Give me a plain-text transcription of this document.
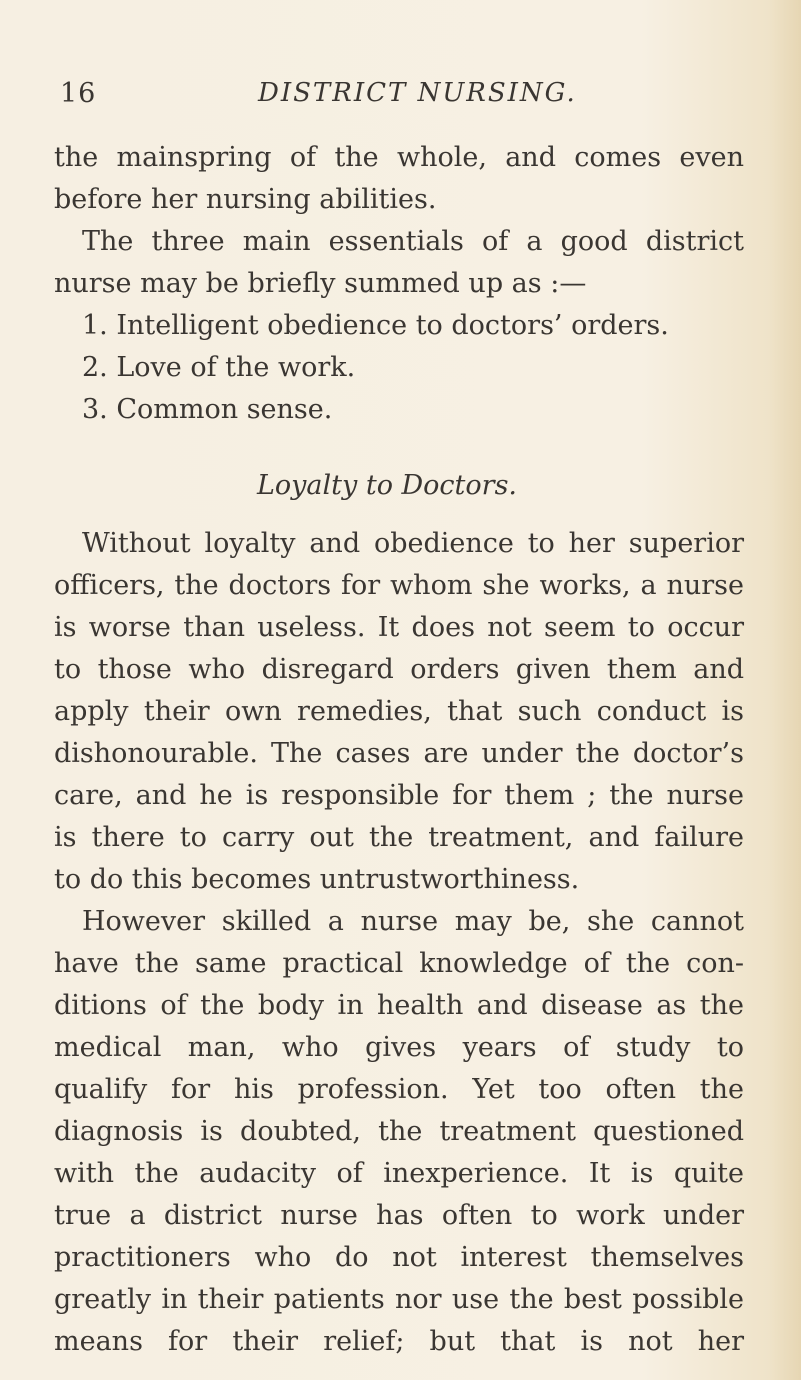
16	DISTRICT NURSING.
the mainspring of the whole, and comes even
before her nursing abilities.
The three main essentials of a good district
nurse may be briefly summed up as :—
1. Intelligent obedience to doctors’ orders.
2. Love of the work.
3. Common sense.
Loyalty to Doctors.
Without loyalty and obedience to her superior
officers, the doctors for whom she works, a nurse
is worse than useless. It does not seem to occur
to those who disregard orders given them and
apply their own remedies, that such conduct is
dishonourable. The cases are under the doctor’s
care, and he is responsible for them ; the nurse
is there to carry out the treatment, and failure
to do this becomes untrustworthiness.
However skilled a nurse may be, she cannot
have the same practical knowledge of the con-
ditions of the body in health and disease as the
medical man, who gives years of study to
qualify for his profession. Yet too often the
diagnosis is doubted, the treatment questioned
with the audacity of inexperience. It is quite
true a district nurse has often to work under
practitioners who do not interest themselves
greatly in their patients nor use the best possible
means for their relief; but that is not her
